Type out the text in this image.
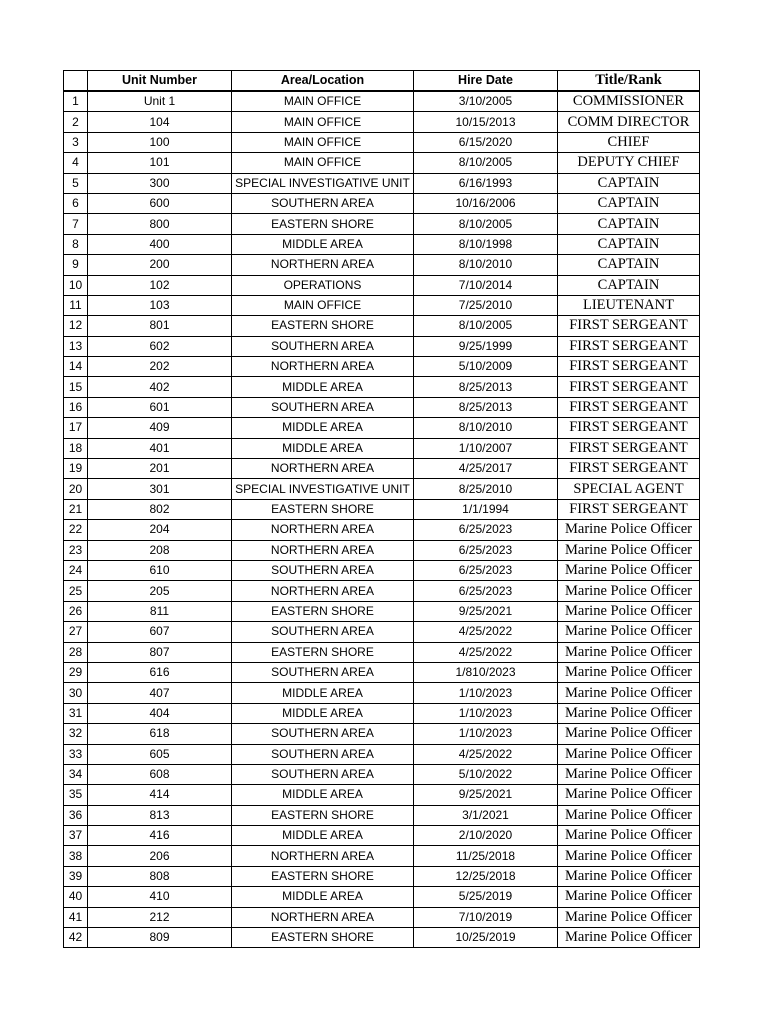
	Unit Number	Area/Location	Hire Date	Title/Rank
1	Unit 1	MAIN OFFICE	3/10/2005	COMMISSIONER
2	104	MAIN OFFICE	10/15/2013	COMM DIRECTOR
3	100	MAIN OFFICE	6/15/2020	CHIEF
4	101	MAIN OFFICE	8/10/2005	DEPUTY CHIEF
5	300	SPECIAL INVESTIGATIVE UNIT	6/16/1993	CAPTAIN
6	600	SOUTHERN AREA	10/16/2006	CAPTAIN
7	800	EASTERN SHORE	8/10/2005	CAPTAIN
8	400	MIDDLE AREA	8/10/1998	CAPTAIN
9	200	NORTHERN AREA	8/10/2010	CAPTAIN
10	102	OPERATIONS	7/10/2014	CAPTAIN
11	103	MAIN OFFICE	7/25/2010	LIEUTENANT
12	801	EASTERN SHORE	8/10/2005	FIRST SERGEANT
13	602	SOUTHERN AREA	9/25/1999	FIRST SERGEANT
14	202	NORTHERN AREA	5/10/2009	FIRST SERGEANT
15	402	MIDDLE AREA	8/25/2013	FIRST SERGEANT
16	601	SOUTHERN AREA	8/25/2013	FIRST SERGEANT
17	409	MIDDLE AREA	8/10/2010	FIRST SERGEANT
18	401	MIDDLE AREA	1/10/2007	FIRST SERGEANT
19	201	NORTHERN AREA	4/25/2017	FIRST SERGEANT
20	301	SPECIAL INVESTIGATIVE UNIT	8/25/2010	SPECIAL AGENT
21	802	EASTERN SHORE	1/1/1994	FIRST SERGEANT
22	204	NORTHERN AREA	6/25/2023	Marine Police Officer
23	208	NORTHERN AREA	6/25/2023	Marine Police Officer
24	610	SOUTHERN AREA	6/25/2023	Marine Police Officer
25	205	NORTHERN AREA	6/25/2023	Marine Police Officer
26	811	EASTERN SHORE	9/25/2021	Marine Police Officer
27	607	SOUTHERN AREA	4/25/2022	Marine Police Officer
28	807	EASTERN SHORE	4/25/2022	Marine Police Officer
29	616	SOUTHERN AREA	1/810/2023	Marine Police Officer
30	407	MIDDLE AREA	1/10/2023	Marine Police Officer
31	404	MIDDLE AREA	1/10/2023	Marine Police Officer
32	618	SOUTHERN AREA	1/10/2023	Marine Police Officer
33	605	SOUTHERN AREA	4/25/2022	Marine Police Officer
34	608	SOUTHERN AREA	5/10/2022	Marine Police Officer
35	414	MIDDLE AREA	9/25/2021	Marine Police Officer
36	813	EASTERN SHORE	3/1/2021	Marine Police Officer
37	416	MIDDLE AREA	2/10/2020	Marine Police Officer
38	206	NORTHERN AREA	11/25/2018	Marine Police Officer
39	808	EASTERN SHORE	12/25/2018	Marine Police Officer
40	410	MIDDLE AREA	5/25/2019	Marine Police Officer
41	212	NORTHERN AREA	7/10/2019	Marine Police Officer
42	809	EASTERN SHORE	10/25/2019	Marine Police Officer
